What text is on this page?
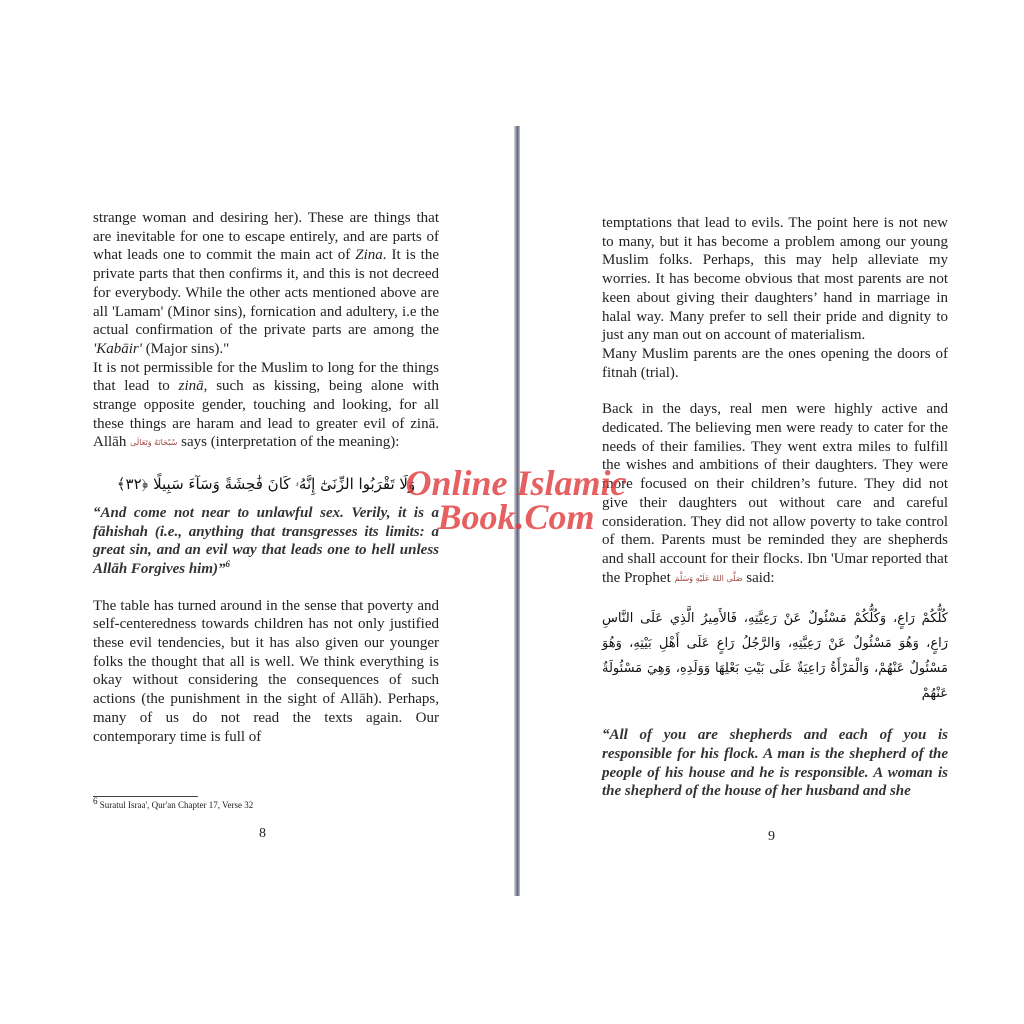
strange woman and desiring her). These are things that are inevitable for one to escape entirely, and are parts of what leads one to commit the main act of Zina. It is the private parts that then confirms it, and this is not decreed for everybody. While the other acts mentioned above are all 'Lamam' (Minor sins), fornication and adultery, i.e the actual confirmation of the private parts are among the 'Kabāir' (Major sins)."

It is not permissible for the Muslim to long for the things that lead to zinā, such as kissing, being alone with strange opposite gender, touching and looking, for all these things are haram and lead to greater evil of zinā. Allāh سُبْحَانَهُ وَتَعَالَى says (interpretation of the meaning):

وَلَا تَقْرَبُوا الزِّنَىٰٓ إِنَّهُۥ كَانَ فَٰحِشَةً وَسَآءَ سَبِيلًا ﴿٣٢﴾

“And come not near to unlawful sex. Verily, it is a fāhishah (i.e., anything that transgresses its limits: a great sin, and an evil way that leads one to hell unless Allāh Forgives him)”$^6$

The table has turned around in the sense that poverty and self-centeredness towards children has not only justified these evil tendencies, but it has also given our younger folks the thought that all is well. We think everything is okay without considering the consequences of such actions (the punishment in the sight of Allāh). Perhaps, many of us do not read the texts again. Our contemporary time is full of

$^6$ Suratul Israa', Qur'an Chapter 17, Verse 32
8

temptations that lead to evils. The point here is not new to many, but it has become a problem among our young Muslim folks. Perhaps, this may help alleviate my worries. It has become obvious that most parents are not keen about giving their daughters’ hand in marriage in halal way. Many prefer to sell their pride and dignity to just any man out on account of materialism.

Many Muslim parents are the ones opening the doors of fitnah (trial).

Back in the days, real men were highly active and dedicated. The believing men were ready to cater for the needs of their families. They went extra miles to fulfill the wishes and ambitions of their daughters. They were more focused on their children’s future. They did not give their daughters out without care and careful consideration. They did not allow poverty to take control of them. Parents must be reminded they are shepherds and shall account for their flocks. Ibn 'Umar reported that the Prophet صَلَّى اللهُ عَلَيْهِ وَسَلَّمَ said:

كُلُّكُمْ رَاعٍ، وَكُلُّكُمْ مَسْئُولٌ عَنْ رَعِيَّتِهِ، فَالأَمِيرُ الَّذِي عَلَى النَّاسِ رَاعٍ، وَهُوَ مَسْئُولٌ عَنْ رَعِيَّتِهِ، وَالرَّجُلُ رَاعٍ عَلَى أَهْلِ بَيْتِهِ، وَهُوَ مَسْئُولٌ عَنْهُمْ، وَالْمَرْأَةُ رَاعِيَةٌ عَلَى بَيْتِ بَعْلِهَا وَوَلَدِهِ، وَهِيَ مَسْئُولَةٌ عَنْهُمْ

“All of you are shepherds and each of you is responsible for his flock. A man is the shepherd of the people of his house and he is responsible. A woman is the shepherd of the house of her husband and she

9
Online Islamic
Book.Com
